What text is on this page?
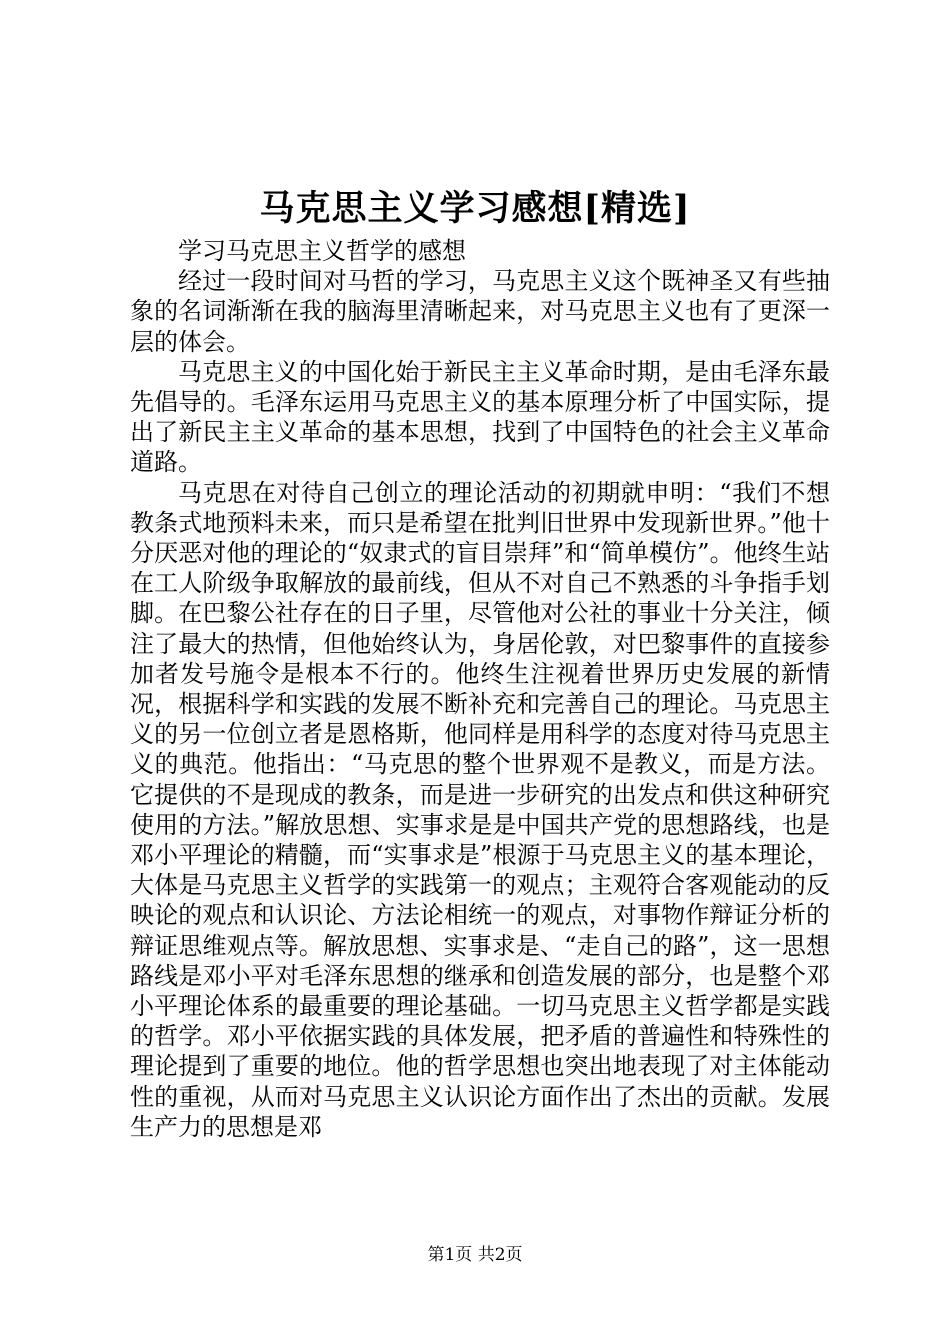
马克思主义学习感想[精选]

学习马克思主义哲学的感想

经过一段时间对马哲的学习，马克思主义这个既神圣又有些抽象的名词渐渐在我的脑海里清晰起来，对马克思主义也有了更深一层的体会。

马克思主义的中国化始于新民主主义革命时期，是由毛泽东最先倡导的。毛泽东运用马克思主义的基本原理分析了中国实际，提出了新民主主义革命的基本思想，找到了中国特色的社会主义革命道路。

马克思在对待自己创立的理论活动的初期就申明：“我们不想教条式地预料未来，而只是希望在批判旧世界中发现新世界。”他十分厌恶对他的理论的“奴隶式的盲目崇拜”和“简单模仿”。他终生站在工人阶级争取解放的最前线，但从不对自己不熟悉的斗争指手划脚。在巴黎公社存在的日子里，尽管他对公社的事业十分关注，倾注了最大的热情，但他始终认为，身居伦敦，对巴黎事件的直接参加者发号施令是根本不行的。他终生注视着世界历史发展的新情况，根据科学和实践的发展不断补充和完善自己的理论。马克思主义的另一位创立者是恩格斯，他同样是用科学的态度对待马克思主义的典范。他指出：“马克思的整个世界观不是教义，而是方法。它提供的不是现成的教条，而是进一步研究的出发点和供这种研究使用的方法。”解放思想、实事求是是中国共产党的思想路线，也是邓小平理论的精髓，而“实事求是”根源于马克思主义的基本理论，大体是马克思主义哲学的实践第一的观点；主观符合客观能动的反映论的观点和认识论、方法论相统一的观点，对事物作辩证分析的辩证思维观点等。解放思想、实事求是、“走自己的路”，这一思想路线是邓小平对毛泽东思想的继承和创造发展的部分，也是整个邓小平理论体系的最重要的理论基础。一切马克思主义哲学都是实践的哲学。邓小平依据实践的具体发展，把矛盾的普遍性和特殊性的理论提到了重要的地位。他的哲学思想也突出地表现了对主体能动性的重视，从而对马克思主义认识论方面作出了杰出的贡献。发展生产力的思想是邓

第1页 共2页
